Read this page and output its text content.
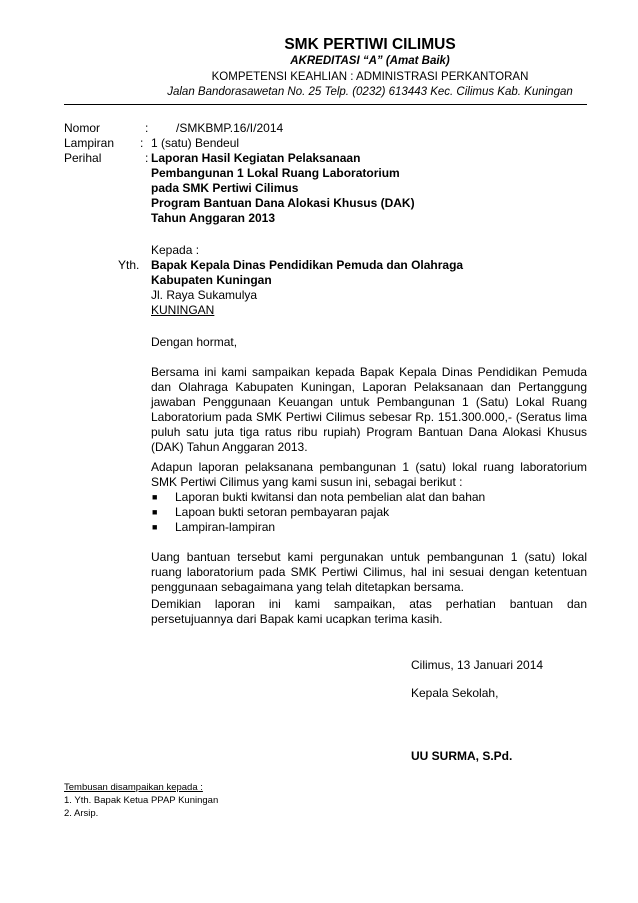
SMK PERTIWI CILIMUS
AKREDITASI “A” (Amat Baik)
KOMPETENSI KEAHLIAN : ADMINISTRASI PERKANTORAN
Jalan Bandorasawetan No. 25 Telp. (0232) 613443 Kec. Cilimus Kab. Kuningan
Nomor	: /SMKBMP.16/I/2014
Lampiran : 1 (satu) Bendeul
Perihal	: Laporan Hasil Kegiatan Pelaksanaan
Pembangunan 1 Lokal Ruang Laboratorium
pada SMK Pertiwi Cilimus
Program Bantuan Dana Alokasi Khusus (DAK)
Tahun Anggaran 2013
Kepada :
Yth. Bapak Kepala Dinas Pendidikan Pemuda dan Olahraga
Kabupaten Kuningan
Jl. Raya Sukamulya
KUNINGAN
Dengan hormat,
Bersama ini kami sampaikan kepada Bapak Kepala Dinas Pendidikan Pemuda dan Olahraga Kabupaten Kuningan, Laporan Pelaksanaan dan Pertanggung jawaban Penggunaan Keuangan untuk Pembangunan 1 (Satu) Lokal Ruang Laboratorium pada SMK Pertiwi Cilimus sebesar Rp. 151.300.000,- (Seratus lima puluh satu juta tiga ratus ribu rupiah) Program Bantuan Dana Alokasi Khusus (DAK) Tahun Anggaran 2013.
Adapun laporan pelaksanana pembangunan 1 (satu) lokal ruang laboratorium SMK Pertiwi Cilimus yang kami susun ini, sebagai berikut :
■ Laporan bukti kwitansi dan nota pembelian alat dan bahan
■ Lapoan bukti setoran pembayaran pajak
■ Lampiran-lampiran
Uang bantuan tersebut kami pergunakan untuk pembangunan 1 (satu) lokal ruang laboratorium pada SMK Pertiwi Cilimus, hal ini sesuai dengan ketentuan penggunaan sebagaimana yang telah ditetapkan bersama.
Demikian laporan ini kami sampaikan, atas perhatian bantuan dan persetujuannya dari Bapak kami ucapkan terima kasih.
Cilimus, 13 Januari 2014
Kepala Sekolah,
UU SURMA, S.Pd.
Tembusan disampaikan kepada :
1. Yth. Bapak Ketua PPAP Kuningan
2. Arsip.
